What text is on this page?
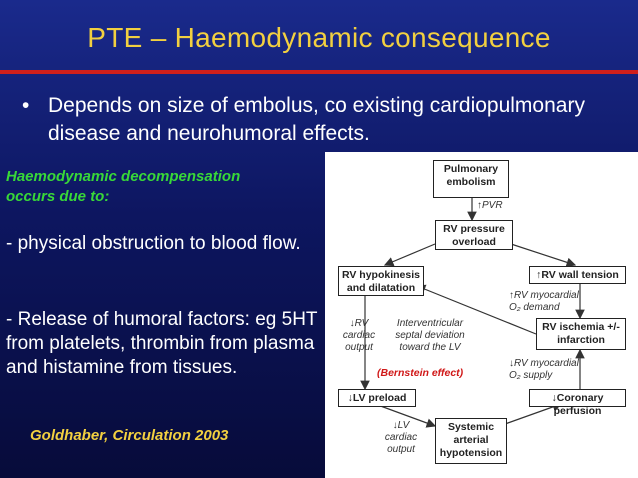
PTE – Haemodynamic consequence
• Depends on size of embolus, co existing cardiopulmonary disease and neurohumoral effects.
Haemodynamic decompensation
occurs due to:
- physical obstruction to blood flow.
- Release of humoral factors: eg 5HT from platelets, thrombin from plasma and histamine from tissues.
Goldhaber, Circulation 2003
Pulmonary
embolism
↑PVR
RV pressure
overload
RV hypokinesis
and dilatation
↑RV wall tension
↑RV myocardial
O₂ demand
↓RV
cardiac
output
Interventricular
septal deviation
toward the LV
RV ischemia +/-
infarction
↓RV myocardial
O₂ supply
(Bernstein effect)
↓LV preload	↓Coronary perfusion
↓LV
cardiac
output
Systemic
arterial
hypotension
